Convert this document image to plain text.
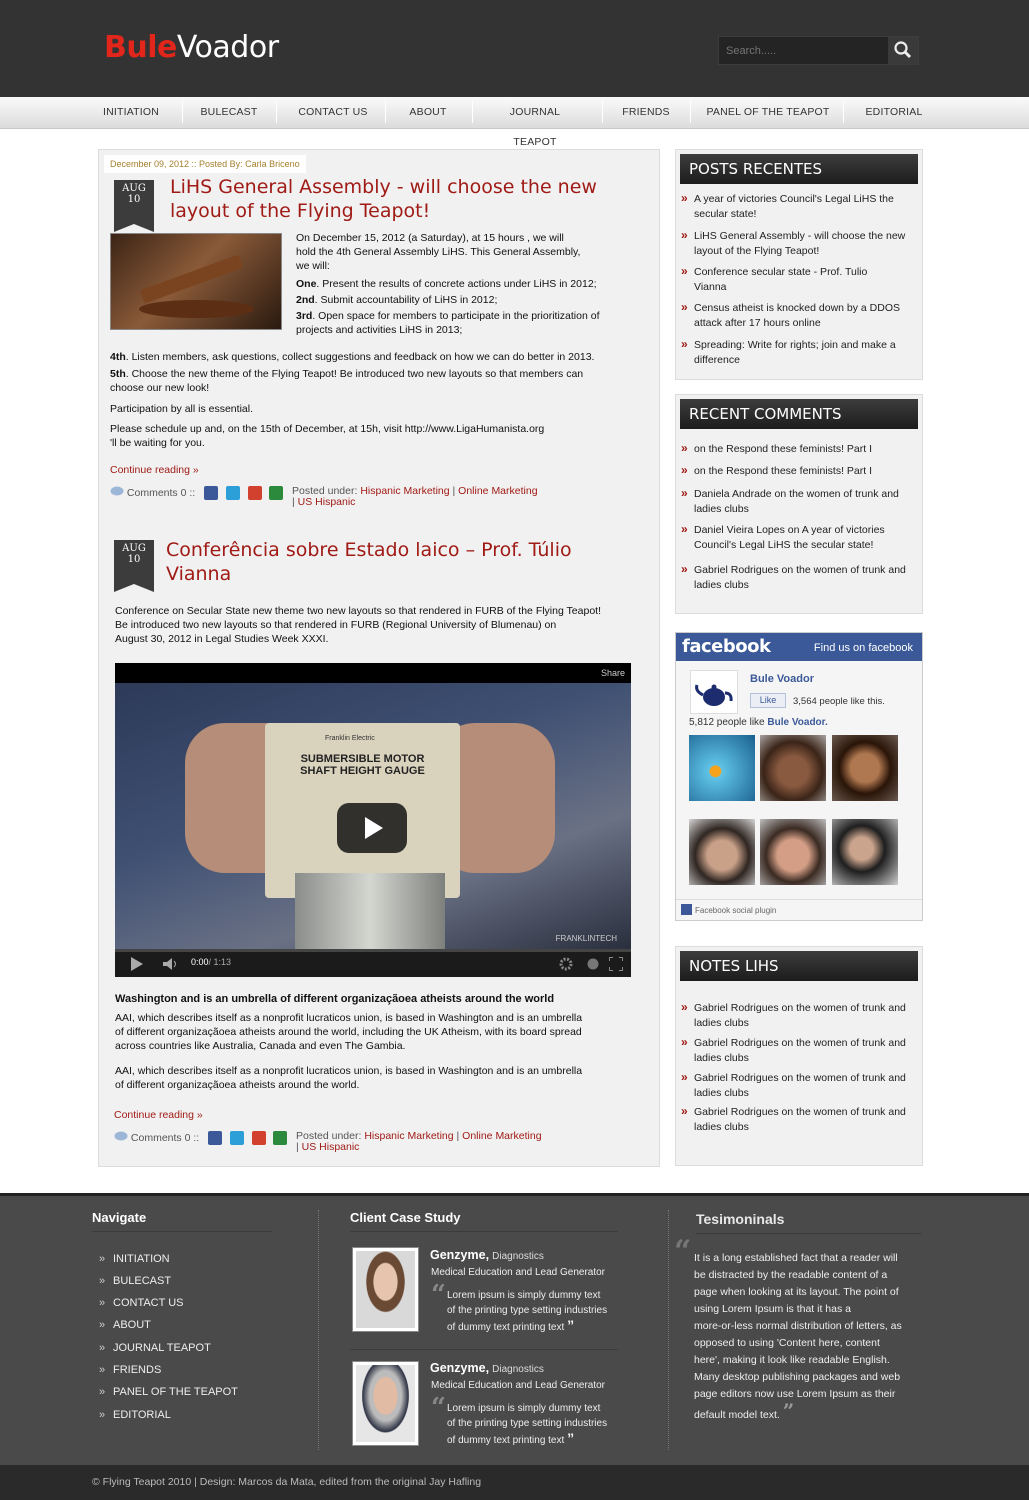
BuleVoador
Search.....
INITIATION	BULECAST	CONTACT US	ABOUT	JOURNAL TEAPOT
FRIENDS	PANEL OF THE TEAPOT	EDITORIAL
December 09, 2012 :: Posted By: Carla Briceno
AUG
10
LiHS General Assembly - will choose the new
layout of the Flying Teapot!
On December 15, 2012 (a Saturday), at 15 hours , we will
hold the 4th General Assembly LiHS. This General Assembly,
we will:
One. Present the results of concrete actions under LiHS in 2012;
2nd. Submit accountability of LiHS in 2012;
3rd. Open space for members to participate in the prioritization of
projects and activities LiHS in 2013;
4th. Listen members, ask questions, collect suggestions and feedback on how we can do better in 2013.
5th. Choose the new theme of the Flying Teapot! Be introduced two new layouts so that members can
choose our new look!
Participation by all is essential.
Please schedule up and, on the 15th of December, at 15h, visit http://www.LigaHumanista.org
'll be waiting for you.
Continue reading »
Comments 0 ::	Posted under: Hispanic Marketing | Online Marketing
| US Hispanic
AUG
10	Conferência sobre Estado laico – Prof. Túlio
Vianna
Conference on Secular State new theme two new layouts so that rendered in FURB of the Flying Teapot!
Be introduced two new layouts so that rendered in FURB (Regional University of Blumenau) on
August 30, 2012 in Legal Studies Week XXXI.
Share
Franklin Electric
SUBMERSIBLE MOTOR
SHAFT HEIGHT GAUGE
FRANKLINTECH
0:00/ 1:13
Washington and is an umbrella of different organizaçãoea atheists around the world
AAI, which describes itself as a nonprofit lucraticos union, is based in Washington and is an umbrella
of different organizaçãoea atheists around the world, including the UK Atheism, with its board spread
across countries like Australia, Canada and even The Gambia.
AAI, which describes itself as a nonprofit lucraticos union, is based in Washington and is an umbrella
of different organizaçãoea atheists around the world.
Continue reading »
Comments 0 ::	Posted under: Hispanic Marketing | Online Marketing
| US Hispanic
POSTS RECENTES
» A year of victories Council's Legal LiHS the
secular state!
» LiHS General Assembly - will choose the new
layout of the Flying Teapot!
» Conference secular state - Prof. Tulio
Vianna
» Census atheist is knocked down by a DDOS
attack after 17 hours online
» Spreading: Write for rights; join and make a
difference
RECENT COMMENTS
» on the Respond these feminists! Part I
» on the Respond these feminists! Part I
» Daniela Andrade on the women of trunk and
ladies clubs
» Daniel Vieira Lopes on A year of victories
Council's Legal LiHS the secular state!
» Gabriel Rodrigues on the women of trunk and
ladies clubs
facebook	Find us on facebook
Bule Voador
Like	3,564 people like this.
5,812 people like Bule Voador.
Facebook social plugin
NOTES LIHS
» Gabriel Rodrigues on the women of trunk and
ladies clubs
» Gabriel Rodrigues on the women of trunk and
ladies clubs
» Gabriel Rodrigues on the women of trunk and
ladies clubs
» Gabriel Rodrigues on the women of trunk and
ladies clubs
Navigate
» INITIATION
» BULECAST
» CONTACT US
» ABOUT
» JOURNAL TEAPOT
» FRIENDS
» PANEL OF THE TEAPOT
» EDITORIAL
Client Case Study
Genzyme, Diagnostics
Medical Education and Lead Generator
“ Lorem ipsum is simply dummy text
of the printing type setting industries
of dummy text printing text ”
Genzyme, Diagnostics
Medical Education and Lead Generator
“ Lorem ipsum is simply dummy text
of the printing type setting industries
of dummy text printing text ”
Tesimoninals
“ It is a long established fact that a reader will
be distracted by the readable content of a
page when looking at its layout. The point of
using Lorem Ipsum is that it has a
more-or-less normal distribution of letters, as
opposed to using 'Content here, content
here', making it look like readable English.
Many desktop publishing packages and web
page editors now use Lorem Ipsum as their
default model text. ”
© Flying Teapot 2010 | Design: Marcos da Mata, edited from the original Jay Hafling
